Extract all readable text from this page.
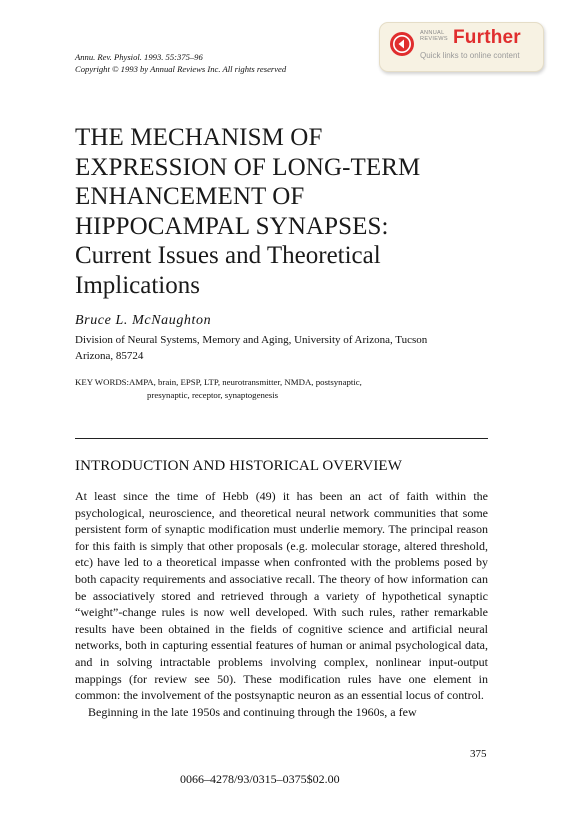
Annu. Rev. Physiol. 1993. 55:375–96
Copyright © 1993 by Annual Reviews Inc. All rights reserved
ANNUAL
REVIEWS Further
Quick links to online content
THE MECHANISM OF
EXPRESSION OF LONG-TERM
ENHANCEMENT OF
HIPPOCAMPAL SYNAPSES:
Current Issues and Theoretical
Implications
Bruce L. McNaughton
Division of Neural Systems, Memory and Aging, University of Arizona, Tucson
Arizona, 85724
KEY WORDS:AMPA, brain, EPSP, LTP, neurotransmitter, NMDA, postsynaptic,
presynaptic, receptor, synaptogenesis
INTRODUCTION AND HISTORICAL OVERVIEW

At least since the time of Hebb (49) it has been an act of faith within the psychological, neuroscience, and theoretical neural network communities that some persistent form of synaptic modification must underlie memory. The principal reason for this faith is simply that other proposals (e.g. molecular storage, altered threshold, etc) have led to a theoretical impasse when confronted with the problems posed by both capacity requirements and associative recall. The theory of how information can be associatively stored and retrieved through a variety of hypothetical synaptic “weight”-change rules is now well developed. With such rules, rather remarkable results have been obtained in the fields of cognitive science and artificial neural networks, both in capturing essential features of human or animal psychological data, and in solving intractable problems involving complex, nonlinear input-output mappings (for review see 50). These modification rules have one element in common: the involvement of the postsynaptic neuron as an essential locus of control.

Beginning in the late 1950s and continuing through the 1960s, a few

375
0066–4278/93/0315–0375$02.00
